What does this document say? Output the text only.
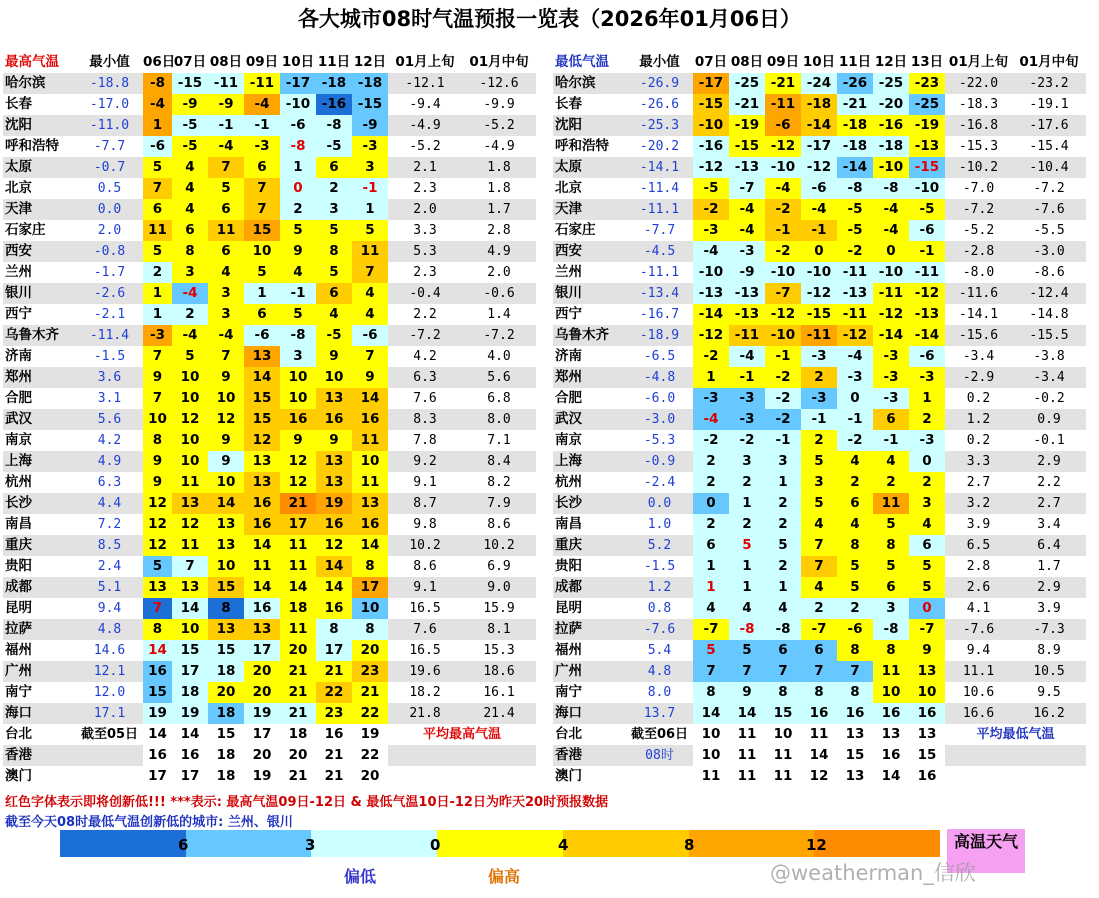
各大城市08时气温预报一览表（2026年01月06日）
最高气温	最小值	06日	07日	08日	09日	10日	11日	12日	01月上旬	01月中旬
哈尔滨	-18.8	-8	-15	-11	-11	-17	-18	-18	-12.1	-12.6
长春	-17.0	-4	-9	-9	-4	-10	-16	-15	-9.4	-9.9
沈阳	-11.0	1	-5	-1	-1	-6	-8	-9	-4.9	-5.2
呼和浩特	-7.7	-6	-5	-4	-3	-8	-5	-3	-5.2	-4.9
太原	-0.7	5	4	7	6	1	6	3	2.1	1.8
北京	0.5	7	4	5	7	0	2	-1	2.3	1.8
天津	0.0	6	4	6	7	2	3	1	2.0	1.7
石家庄	2.0	11	6	11	15	5	5	5	3.3	2.8
西安	-0.8	5	8	6	10	9	8	11	5.3	4.9
兰州	-1.7	2	3	4	5	4	5	7	2.3	2.0
银川	-2.6	1	-4	3	1	-1	6	4	-0.4	-0.6
西宁	-2.1	1	2	3	6	5	4	4	2.2	1.4
乌鲁木齐	-11.4	-3	-4	-4	-6	-8	-5	-6	-7.2	-7.2
济南	-1.5	7	5	7	13	3	9	7	4.2	4.0
郑州	3.6	9	10	9	14	10	10	9	6.3	5.6
合肥	3.1	7	10	10	15	10	13	14	7.6	6.8
武汉	5.6	10	12	12	15	16	16	16	8.3	8.0
南京	4.2	8	10	9	12	9	9	11	7.8	7.1
上海	4.9	9	10	9	13	12	13	10	9.2	8.4
杭州	6.3	9	11	10	13	12	13	11	9.1	8.2
长沙	4.4	12	13	14	16	21	19	13	8.7	7.9
南昌	7.2	12	12	13	16	17	16	16	9.8	8.6
重庆	8.5	12	11	13	14	11	12	14	10.2	10.2
贵阳	2.4	5	7	10	11	11	14	8	8.6	6.9
成都	5.1	13	13	15	14	14	14	17	9.1	9.0
昆明	9.4	7	14	8	16	18	16	10	16.5	15.9
拉萨	4.8	8	10	13	13	11	8	8	7.6	8.1
福州	14.6	14	15	15	17	20	17	20	16.5	15.3
广州	12.1	16	17	18	20	21	21	23	19.6	18.6
南宁	12.0	15	18	20	20	21	22	21	18.2	16.1
海口	17.1	19	19	18	19	21	23	22	21.8	21.4
台北	截至05日	14	14	15	17	18	16	19	平均最高气温	
香港		16	16	18	20	20	21	22		
澳门		17	17	18	19	21	21	20		
最低气温	最小值	07日	08日	09日	10日	11日	12日	13日	01月上旬	01月中旬
哈尔滨	-26.9	-17	-25	-21	-24	-26	-25	-23	-22.0	-23.2
长春	-26.6	-15	-21	-11	-18	-21	-20	-25	-18.3	-19.1
沈阳	-25.3	-10	-19	-6	-14	-18	-16	-19	-16.8	-17.6
呼和浩特	-20.2	-16	-15	-12	-17	-18	-18	-13	-15.3	-15.4
太原	-14.1	-12	-13	-10	-12	-14	-10	-15	-10.2	-10.4
北京	-11.4	-5	-7	-4	-6	-8	-8	-10	-7.0	-7.2
天津	-11.1	-2	-4	-2	-4	-5	-4	-5	-7.2	-7.6
石家庄	-7.7	-3	-4	-1	-1	-5	-4	-6	-5.2	-5.5
西安	-4.5	-4	-3	-2	0	-2	0	-1	-2.8	-3.0
兰州	-11.1	-10	-9	-10	-10	-11	-10	-11	-8.0	-8.6
银川	-13.4	-13	-13	-7	-12	-13	-11	-12	-11.6	-12.4
西宁	-16.7	-14	-13	-12	-15	-11	-12	-13	-14.1	-14.8
乌鲁木齐	-18.9	-12	-11	-10	-11	-12	-14	-14	-15.6	-15.5
济南	-6.5	-2	-4	-1	-3	-4	-3	-6	-3.4	-3.8
郑州	-4.8	1	-1	-2	2	-3	-3	-3	-2.9	-3.4
合肥	-6.0	-3	-3	-2	-3	0	-3	1	0.2	-0.2
武汉	-3.0	-4	-3	-2	-1	-1	6	2	1.2	0.9
南京	-5.3	-2	-2	-1	2	-2	-1	-3	0.2	-0.1
上海	-0.9	2	3	3	5	4	4	0	3.3	2.9
杭州	-2.4	2	2	1	3	2	2	2	2.7	2.2
长沙	0.0	0	1	2	5	6	11	3	3.2	2.7
南昌	1.0	2	2	2	4	4	5	4	3.9	3.4
重庆	5.2	6	5	5	7	8	8	6	6.5	6.4
贵阳	-1.5	1	1	2	7	5	5	5	2.8	1.7
成都	1.2	1	1	1	4	5	6	5	2.6	2.9
昆明	0.8	4	4	4	2	2	3	0	4.1	3.9
拉萨	-7.6	-7	-8	-8	-7	-6	-8	-7	-7.6	-7.3
福州	5.4	5	5	6	6	8	8	9	9.4	8.9
广州	4.8	7	7	7	7	7	11	13	11.1	10.5
南宁	8.0	8	9	8	8	8	10	10	10.6	9.5
海口	13.7	14	14	15	16	16	16	16	16.6	16.2
台北	截至06日	10	11	10	11	13	13	13	平均最低气温	
香港	08时	10	11	11	14	15	16	15		
澳门		11	11	11	12	13	14	16		
红色字体表示即将创新低!!! ***表示: 最高气温09日-12日 & 最低气温10日-12日为昨天20时预报数据
截至今天08时最低气温创新低的城市: 兰州、银川
6	3	0	4	8	12
偏低	偏高
高温天气
@weatherman_信欣
